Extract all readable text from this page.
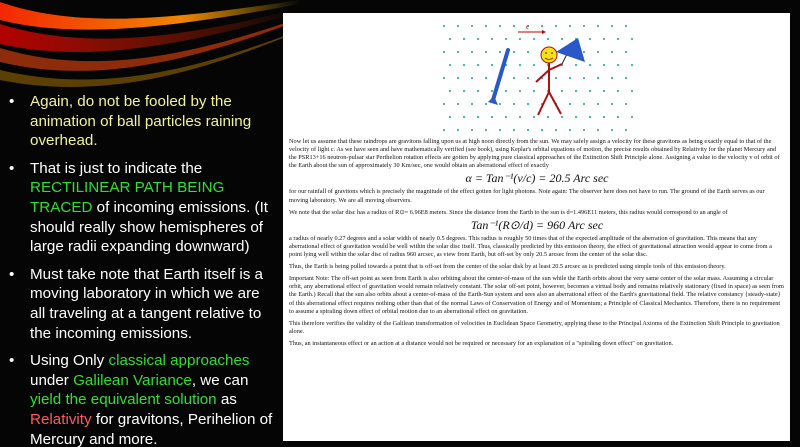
• Again, do not be fooled by the animation of ball particles raining overhead.
• That is just to indicate the RECTILINEAR PATH BEING TRACED of incoming emissions. (It should really show hemispheres of large radii expanding downward)
• Must take note that Earth itself is a moving laboratory in which we are all traveling at a tangent relative to the incoming emissions.
• Using Only classical approaches under Galilean Variance, we can yield the equivalent solution as Relativity for gravitons, Perihelion of Mercury and more.
c

Now let us assume that these raindrops are gravitons falling upon us at high noon directly from the sun. We may safely assign a velocity for these gravitons as being exactly equal to that of the velocity of light c. As we have seen and have mathematically verified (see book), using Keplar's orbital equations of motion, the precise results obtained by Relativity for the planet Mercury and the PSR13+16 neutron-pulsar star Perihelion rotation effects are gotten by applying pure classical approaches of the Extinction Shift Principle alone. Assigning a value to the velocity v of orbit of the Earth about the sun of approximately 30 Km/sec, one would obtain an aberrational effect of exactly

α = Tan⁻¹(v/c) = 20.5 Arc sec

for our rainfall of gravitons which is precisely the magnitude of the effect gotten for light photons. Note again: The observer here does not have to run. The ground of the Earth serves as our moving laboratory. We are all moving observers.

We note that the solar disc has a radius of R⊙= 6.96E8 meters. Since the distance from the Earth to the sun is d=1.496E11 meters, this radius would correspond to an angle of

Tan⁻¹(R⊙/d) = 960 Arc sec

a radius of nearly 0.27 degrees and a solar width of nearly 0.5 degrees. This radius is roughly 50 times that of the expected amplitude of the aberration of gravitation. This means that any aberrational effect of gravitation would be well within the solar disc itself. Thus, classically predicted by this emission theory, the effect of gravitational attraction would appear to come from a point lying well within the solar disc of radius 960 arcsec, as view from Earth, but off-set by only 20.5 arcsec from the center of the solar disc.

Thus, the Earth is being pulled towards a point that is off-set from the center of the solar disk by at least 20.5 arcsec as is predicted using simple tools of this emission theory.

Important Note: The off-set point as seen from Earth is also orbiting about the center-of-mass of the sun while the Earth orbits about the very same center of the solar mass. Assuming a circular orbit, any aberrational effect of gravitation would remain relatively constant. The solar off-set point, however, becomes a virtual body and remains relatively stationary (fixed in space) as seen from the Earth.) Recall that the sun also orbits about a center-of-mass of the Earth-Sun system and sees also an aberrational effect of the Earth's gravitational field. The relative constancy {steady-state} of this aberrational effect requires nothing other than that of the normal Laws of Conservation of Energy and of Momentum; a Principle of Classical Mechanics. Therefore, there is no requirement to assume a spiraling down effect of orbital motion due to an aberrational effect on gravitation.

This therefore verifies the validity of the Galilean transformation of velocities in Euclidean Space Geometry, applying these to the Principal Axioms of the Extinction Shift Principle to gravitation alone.

Thus, an instantaneous effect or an action at a distance would not be required or necessary for an explanation of a "spiraling down effect" on gravitation.
